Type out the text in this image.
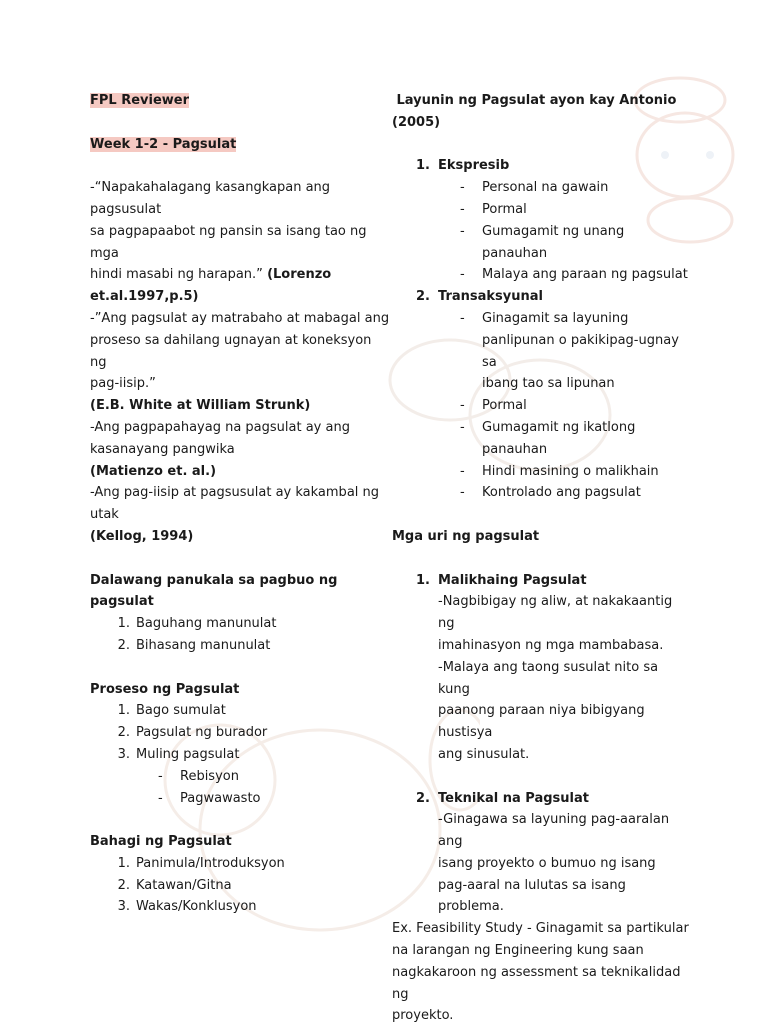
FPL Reviewer

Week 1-2 - Pagsulat

-“Napakahalagang kasangkapan ang pagsusulat

sa pagpapaabot ng pansin sa isang tao ng mga

hindi masabi ng harapan.” (Lorenzo

et.al.1997,p.5)

-”Ang pagsulat ay matrabaho at mabagal ang

proseso sa dahilang ugnayan at koneksyon ng

pag-iisip.”

(E.B. White at William Strunk)

-Ang pagpapahayag na pagsulat ay ang

kasanayang pangwika

(Matienzo et. al.)

-Ang pag-iisip at pagsusulat ay kakambal ng

utak

(Kellog, 1994)

Dalawang panukala sa pagbuo ng pagsulat

1. Baguhang manunulat
2. Bihasang manunulat

Proseso ng Pagsulat

1. Bago sumulat
2. Pagsulat ng burador
3. Muling pagsulat
- Rebisyon
- Pagwawasto

Bahagi ng Pagsulat

1. Panimula/Introduksyon
2. Katawan/Gitna
3. Wakas/Konklusyon

Layunin ng Pagsulat ayon kay Antonio

(2005)

1. Ekspresib
-	Personal na gawain
-	Pormal
-	Gumagamit ng unang panauhan
-	Malaya ang paraan ng pagsulat
2. Transaksyunal
- Ginagamit sa layuning

panlipunan o pakikipag-ugnay sa

ibang tao sa lipunan

-	Pormal
- Gumagamit ng ikatlong

panauhan

-	Hindi masining o malikhain
-	Kontrolado ang pagsulat

Mga uri ng pagsulat

1. Malikhaing Pagsulat

-Nagbibigay ng aliw, at nakakaantig ng

imahinasyon ng mga mambabasa.

-Malaya ang taong susulat nito sa kung

paanong paraan niya bibigyang hustisya

ang sinusulat.

2. Teknikal na Pagsulat

-Ginagawa sa layuning pag-aaralan ang

isang proyekto o bumuo ng isang

pag-aaral na lulutas sa isang problema.

Ex. Feasibility Study - Ginagamit sa partikular

na larangan ng Engineering kung saan

nagkakaroon ng assessment sa teknikalidad ng

proyekto.
